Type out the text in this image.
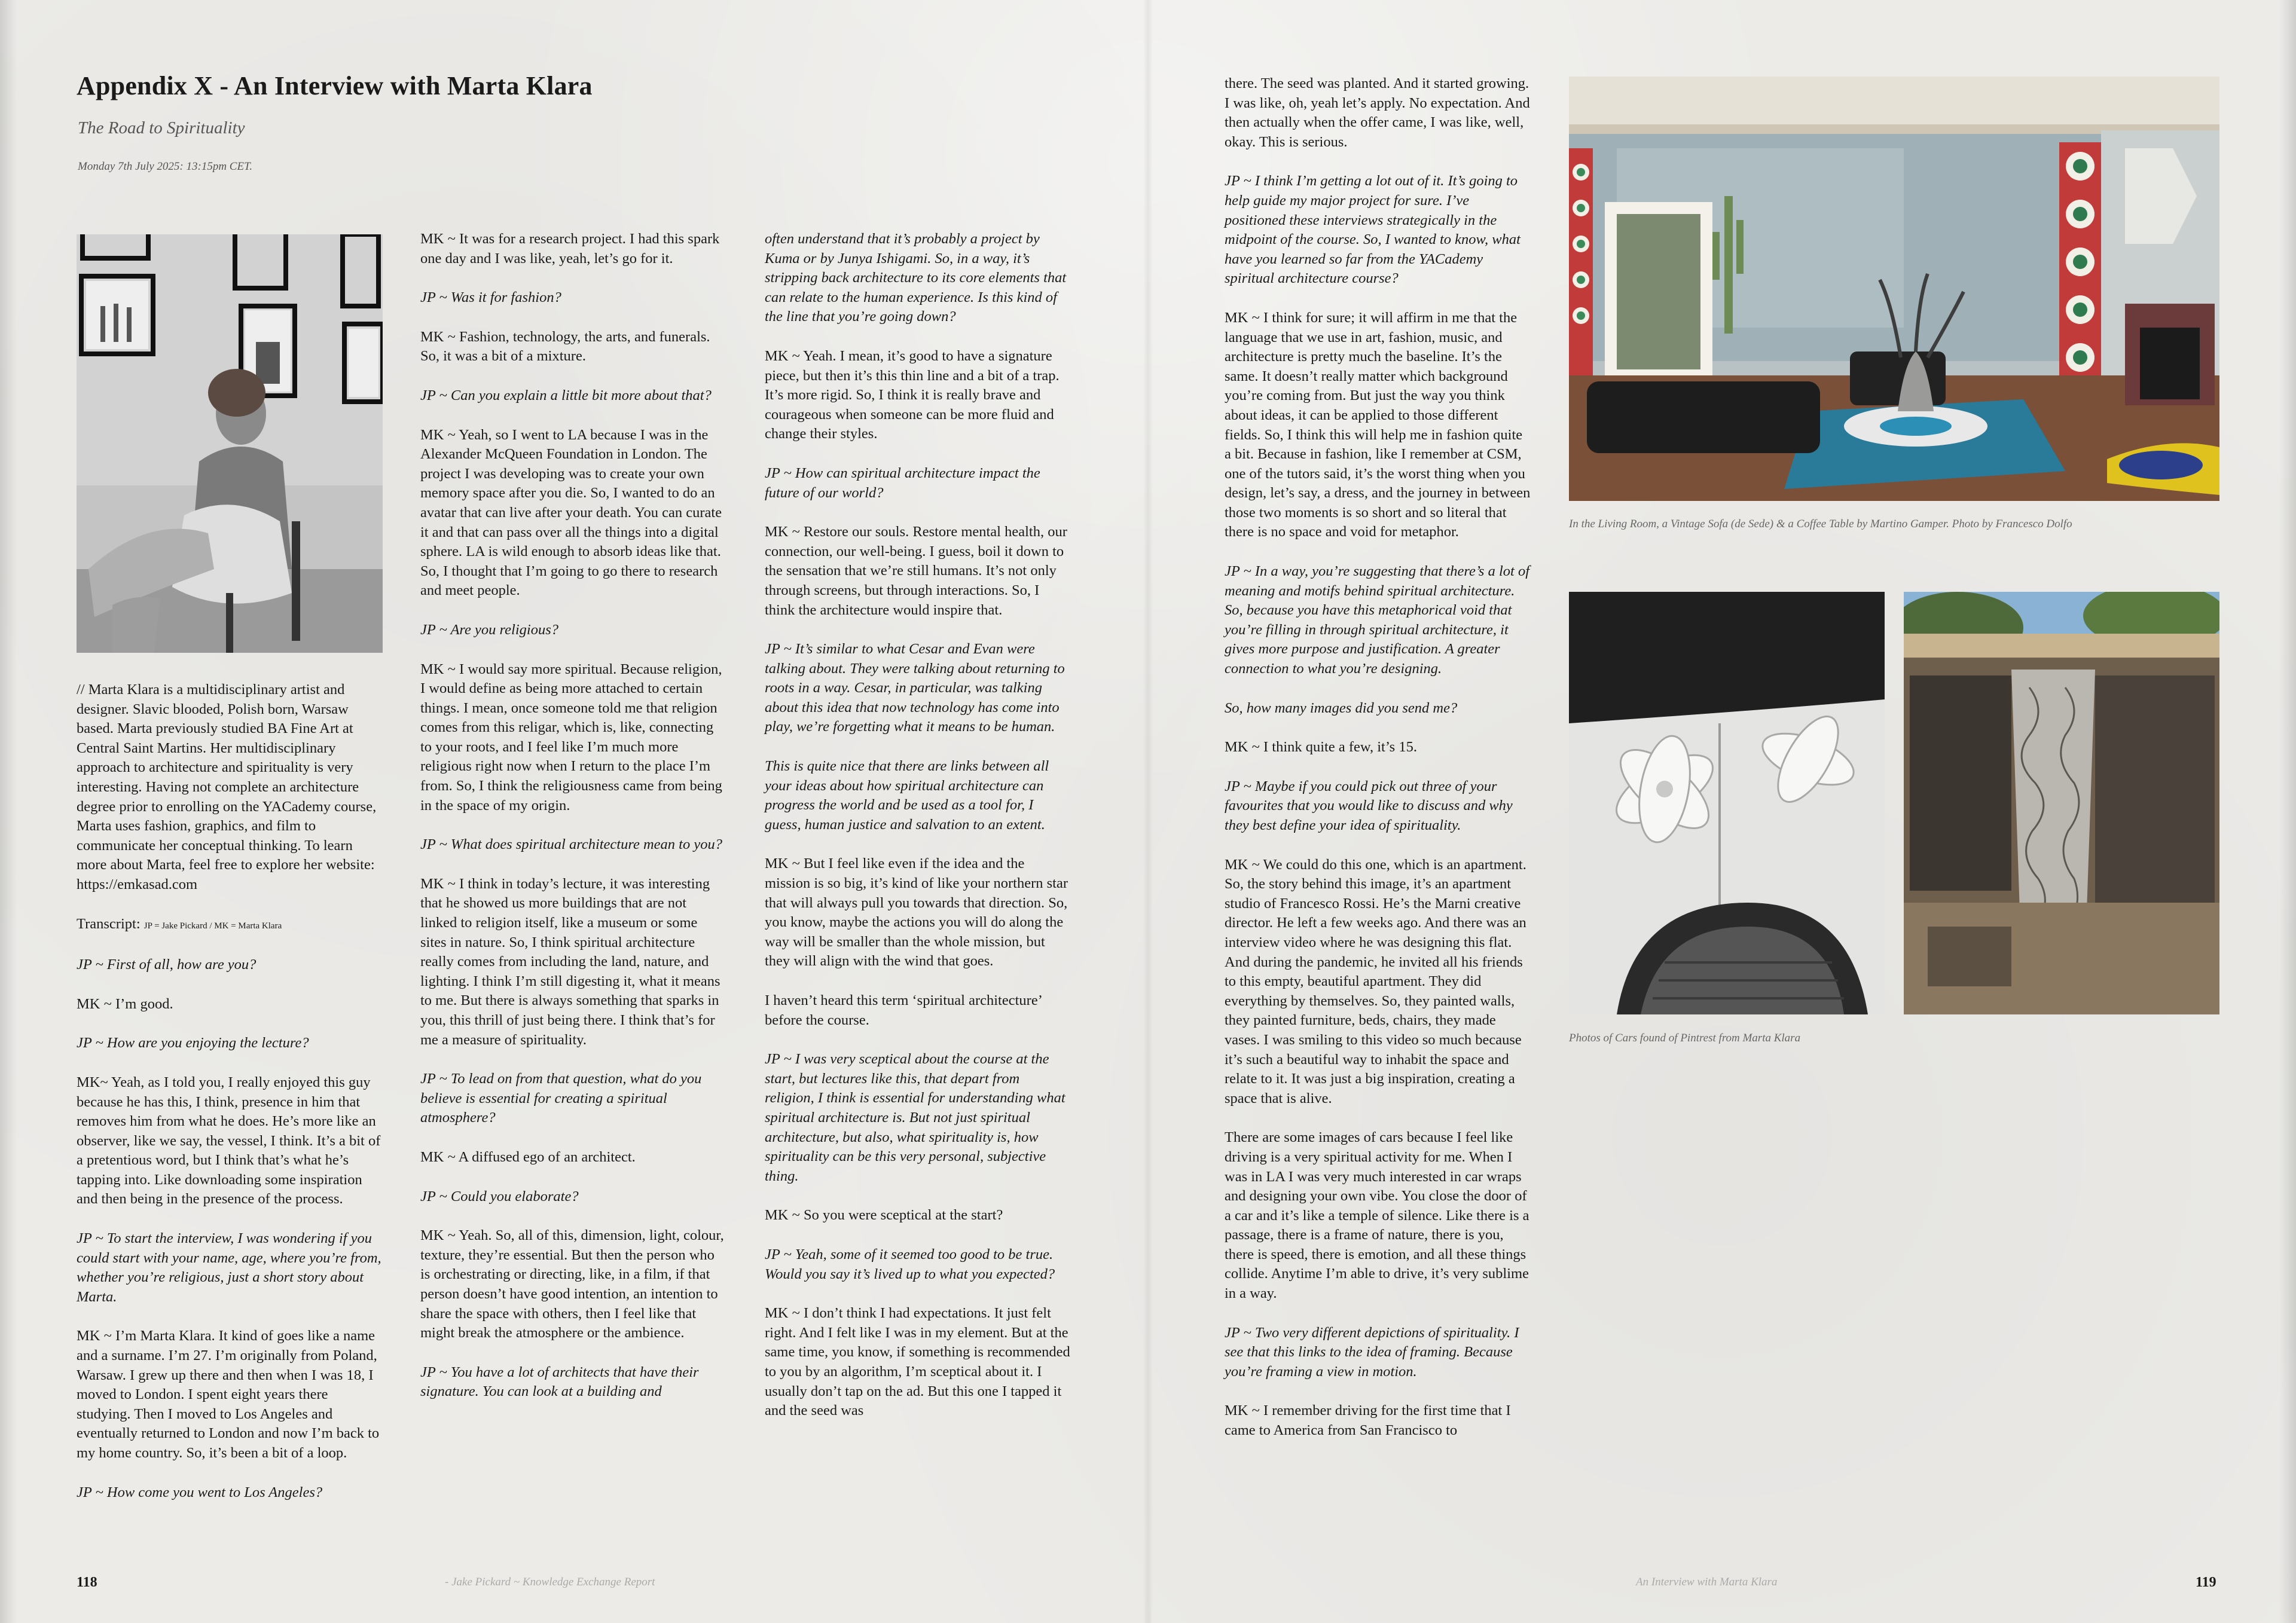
Appendix X - An Interview with Marta Klara

The Road to Spirituality

Monday 7th July 2025: 13:15pm CET.

// Marta Klara is a multidisciplinary artist and designer. Slavic blooded, Polish born, Warsaw based. Marta previously studied BA Fine Art at Central Saint Martins. Her multidisciplinary approach to architecture and spirituality is very interesting. Having not complete an architecture degree prior to enrolling on the YACademy course, Marta uses fashion, graphics, and film to communicate her conceptual thinking. To learn more about Marta, feel free to explore her website: https://emkasad.com

Transcript: JP = Jake Pickard / MK = Marta Klara

JP ~ First of all, how are you?

MK ~ I’m good.

JP ~ How are you enjoying the lecture?

MK~ Yeah, as I told you, I really enjoyed this guy because he has this, I think, presence in him that removes him from what he does. He’s more like an observer, like we say, the vessel, I think. It’s a bit of a pretentious word, but I think that’s what he’s tapping into. Like downloading some inspiration and then being in the presence of the process.

JP ~ To start the interview, I was wondering if you could start with your name, age, where you’re from, whether you’re religious, just a short story about Marta.

MK ~ I’m Marta Klara. It kind of goes like a name and a surname. I’m 27. I’m originally from Poland, Warsaw. I grew up there and then when I was 18, I moved to London. I spent eight years there studying. Then I moved to Los Angeles and eventually returned to London and now I’m back to my home country. So, it’s been a bit of a loop.

JP ~ How come you went to Los Angeles?

MK ~ It was for a research project. I had this spark one day and I was like, yeah, let’s go for it.

JP ~ Was it for fashion?

MK ~ Fashion, technology, the arts, and funerals. So, it was a bit of a mixture.

JP ~ Can you explain a little bit more about that?

MK ~ Yeah, so I went to LA because I was in the Alexander McQueen Foundation in London. The project I was developing was to create your own memory space after you die. So, I wanted to do an avatar that can live after your death. You can curate it and that can pass over all the things into a digital sphere. LA is wild enough to absorb ideas like that. So, I thought that I’m going to go there to research and meet people.

JP ~ Are you religious?

MK ~ I would say more spiritual. Because religion, I would define as being more attached to certain things. I mean, once someone told me that religion comes from this religar, which is, like, connecting to your roots, and I feel like I’m much more religious right now when I return to the place I’m from. So, I think the religiousness came from being in the space of my origin.

JP ~ What does spiritual architecture mean to you?

MK ~ I think in today’s lecture, it was interesting that he showed us more buildings that are not linked to religion itself, like a museum or some sites in nature. So, I think spiritual architecture really comes from including the land, nature, and lighting. I think I’m still digesting it, what it means to me. But there is always something that sparks in you, this thrill of just being there. I think that’s for me a measure of spirituality.

JP ~ To lead on from that question, what do you believe is essential for creating a spiritual atmosphere?

MK ~ A diffused ego of an architect.

JP ~ Could you elaborate?

MK ~ Yeah. So, all of this, dimension, light, colour, texture, they’re essential. But then the person who is orchestrating or directing, like, in a film, if that person doesn’t have good intention, an intention to share the space with others, then I feel like that might break the atmosphere or the ambience.

JP ~ You have a lot of architects that have their signature. You can look at a building and

often understand that it’s probably a project by Kuma or by Junya Ishigami. So, in a way, it’s stripping back architecture to its core elements that can relate to the human experience. Is this kind of the line that you’re going down?

MK ~ Yeah. I mean, it’s good to have a signature piece, but then it’s this thin line and a bit of a trap. It’s more rigid. So, I think it is really brave and courageous when someone can be more fluid and change their styles.

JP ~ How can spiritual architecture impact the future of our world?

MK ~ Restore our souls. Restore mental health, our connection, our well-being. I guess, boil it down to the sensation that we’re still humans. It’s not only through screens, but through interactions. So, I think the architecture would inspire that.

JP ~ It’s similar to what Cesar and Evan were talking about. They were talking about returning to roots in a way. Cesar, in particular, was talking about this idea that now technology has come into play, we’re forgetting what it means to be human.

This is quite nice that there are links between all your ideas about how spiritual architecture can progress the world and be used as a tool for, I guess, human justice and salvation to an extent.

MK ~ But I feel like even if the idea and the mission is so big, it’s kind of like your northern star that will always pull you towards that direction. So, you know, maybe the actions you will do along the way will be smaller than the whole mission, but they will align with the wind that goes.

I haven’t heard this term ‘spiritual architecture’ before the course.

JP ~ I was very sceptical about the course at the start, but lectures like this, that depart from religion, I think is essential for understanding what spiritual architecture is. But not just spiritual architecture, but also, what spirituality is, how spirituality can be this very personal, subjective thing.

MK ~ So you were sceptical at the start?

JP ~ Yeah, some of it seemed too good to be true. Would you say it’s lived up to what you expected?

MK ~ I don’t think I had expectations. It just felt right. And I felt like I was in my element. But at the same time, you know, if something is recommended to you by an algorithm, I’m sceptical about it. I usually don’t tap on the ad. But this one I tapped it and the seed was

there. The seed was planted. And it started growing. I was like, oh, yeah let’s apply. No expectation. And then actually when the offer came, I was like, well, okay. This is serious.

JP ~ I think I’m getting a lot out of it. It’s going to help guide my major project for sure. I’ve positioned these interviews strategically in the midpoint of the course. So, I wanted to know, what have you learned so far from the YACademy spiritual architecture course?

MK ~ I think for sure; it will affirm in me that the language that we use in art, fashion, music, and architecture is pretty much the baseline. It’s the same. It doesn’t really matter which background you’re coming from. But just the way you think about ideas, it can be applied to those different fields. So, I think this will help me in fashion quite a bit. Because in fashion, like I remember at CSM, one of the tutors said, it’s the worst thing when you design, let’s say, a dress, and the journey in between those two moments is so short and so literal that there is no space and void for metaphor.

JP ~ In a way, you’re suggesting that there’s a lot of meaning and motifs behind spiritual architecture. So, because you have this metaphorical void that you’re filling in through spiritual architecture, it gives more purpose and justification. A greater connection to what you’re designing.

So, how many images did you send me?

MK ~ I think quite a few, it’s 15.

JP ~ Maybe if you could pick out three of your favourites that you would like to discuss and why they best define your idea of spirituality.

MK ~ We could do this one, which is an apartment. So, the story behind this image, it’s an apartment studio of Francesco Rossi. He’s the Marni creative director. He left a few weeks ago. And there was an interview video where he was designing this flat. And during the pandemic, he invited all his friends to this empty, beautiful apartment. They did everything by themselves. So, they painted walls, they painted furniture, beds, chairs, they made vases. I was smiling to this video so much because it’s such a beautiful way to inhabit the space and relate to it. It was just a big inspiration, creating a space that is alive.

There are some images of cars because I feel like driving is a very spiritual activity for me. When I was in LA I was very much interested in car wraps and designing your own vibe. You close the door of a car and it’s like a temple of silence. Like there is a passage, there is a frame of nature, there is you, there is speed, there is emotion, and all these things collide. Anytime I’m able to drive, it’s very sublime in a way.

JP ~ Two very different depictions of spirituality. I see that this links to the idea of framing. Because you’re framing a view in motion.

MK ~ I remember driving for the first time that I came to America from San Francisco to

In the Living Room, a Vintage Sofa (de Sede) & a Coffee Table by Martino Gamper. Photo by Francesco Dolfo

Photos of Cars found of Pintrest from Marta Klara

118	- Jake Pickard ~ Knowledge Exchange Report	An Interview with Marta Klara	119
